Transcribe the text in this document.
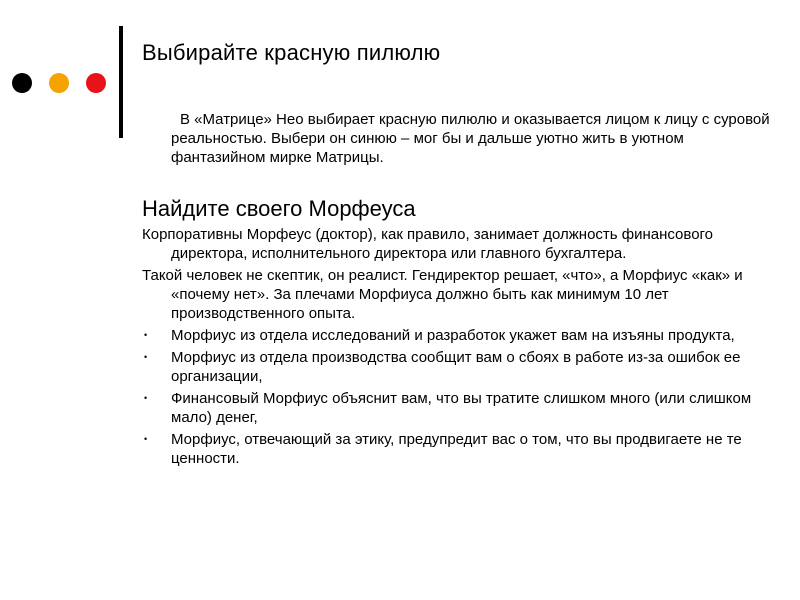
Выбирайте красную пилюлю

В «Матрице» Нео выбирает красную пилюлю и оказывается лицом к лицу с суровой реальностью. Выбери он синюю – мог бы и дальше уютно жить в уютном фантазийном мирке Матрицы.

Найдите своего Морфеуса

Корпоративны Морфеус (доктор), как правило, занимает должность финансового директора, исполнительного директора или главного бухгалтера.

Такой человек не скептик, он реалист. Гендиректор решает, «что», а Морфиус «как» и «почему нет». За плечами Морфиуса должно быть как минимум 10 лет производственного опыта.

• Морфиус из отдела исследований и разработок укажет вам на изъяны продукта,
• Морфиус из отдела производства сообщит вам о сбоях в работе из-за ошибок ее организации,
• Финансовый Морфиус объяснит вам, что вы тратите слишком много (или слишком мало) денег,
• Морфиус, отвечающий за этику, предупредит вас о том, что вы продвигаете не те ценности.
